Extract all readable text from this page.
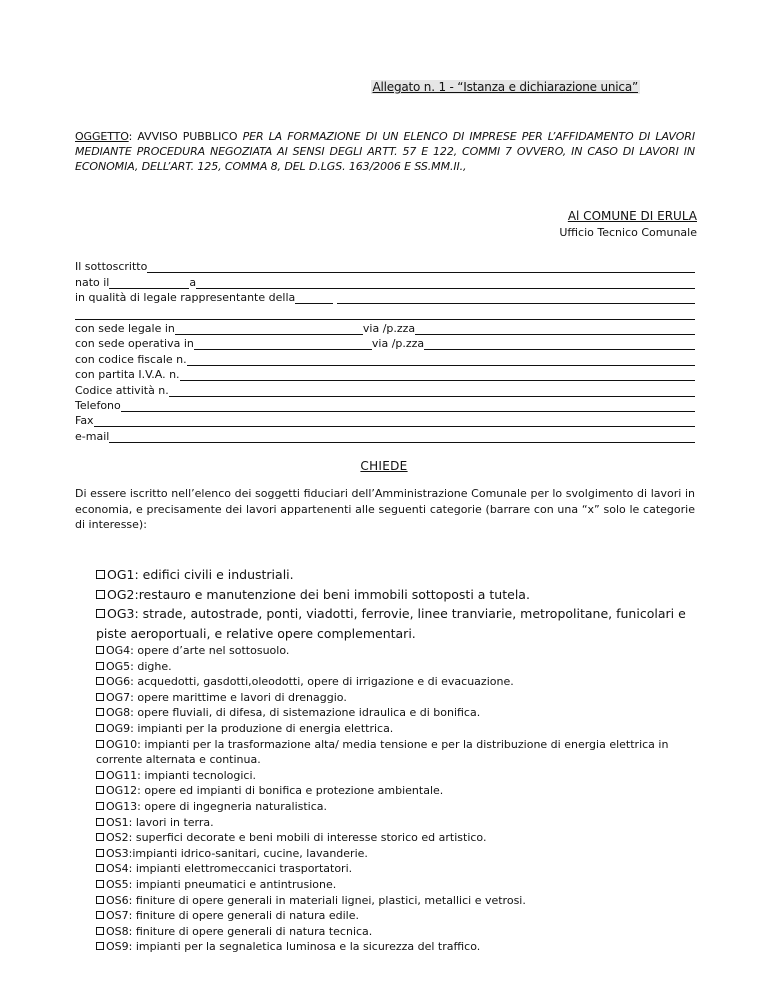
Allegato n. 1 - “Istanza e dichiarazione unica”
OGGETTO: AVVISO PUBBLICO PER LA FORMAZIONE DI UN ELENCO DI IMPRESE PER L’AFFIDAMENTO DI LAVORI MEDIANTE PROCEDURA NEGOZIATA AI SENSI DEGLI ARTT. 57 E 122, COMMI 7 OVVERO, IN CASO DI LAVORI IN ECONOMIA, DELL’ART. 125, COMMA 8, DEL D.LGS. 163/2006 E SS.MM.II.,
Al COMUNE DI ERULA
Ufficio Tecnico Comunale
Il sottoscritto
nato il	a
in qualità di legale rappresentante della
con sede legale in	via /p.zza
con sede operativa in	via /p.zza
con codice fiscale n.
con partita I.V.A. n.
Codice attività n.
Telefono
Fax
e-mail
CHIEDE
Di essere iscritto nell’elenco dei soggetti fiduciari dell’Amministrazione Comunale per lo svolgimento di lavori in economia, e precisamente dei lavori appartenenti alle seguenti categorie (barrare con una “x” solo le categorie di interesse):
OG1: edifici civili e industriali.
OG2:restauro e manutenzione dei beni immobili sottoposti a tutela.
OG3: strade, autostrade, ponti, viadotti, ferrovie, linee tranviarie, metropolitane, funicolari e piste aeroportuali, e relative opere complementari.
OG4: opere d’arte nel sottosuolo.
OG5: dighe.
OG6: acquedotti, gasdotti,oleodotti, opere di irrigazione e di evacuazione.
OG7: opere marittime e lavori di drenaggio.
OG8: opere fluviali, di difesa, di sistemazione idraulica e di bonifica.
OG9: impianti per la produzione di energia elettrica.
OG10: impianti per la trasformazione alta/ media tensione e per la distribuzione di energia elettrica in corrente alternata e continua.
OG11: impianti tecnologici.
OG12: opere ed impianti di bonifica e protezione ambientale.
OG13: opere di ingegneria naturalistica.
OS1: lavori in terra.
OS2: superfici decorate e beni mobili di interesse storico ed artistico.
OS3:impianti idrico-sanitari, cucine, lavanderie.
OS4: impianti elettromeccanici trasportatori.
OS5: impianti pneumatici e antintrusione.
OS6: finiture di opere generali in materiali lignei, plastici, metallici e vetrosi.
OS7: finiture di opere generali di natura edile.
OS8: finiture di opere generali di natura tecnica.
OS9: impianti per la segnaletica luminosa e la sicurezza del traffico.
